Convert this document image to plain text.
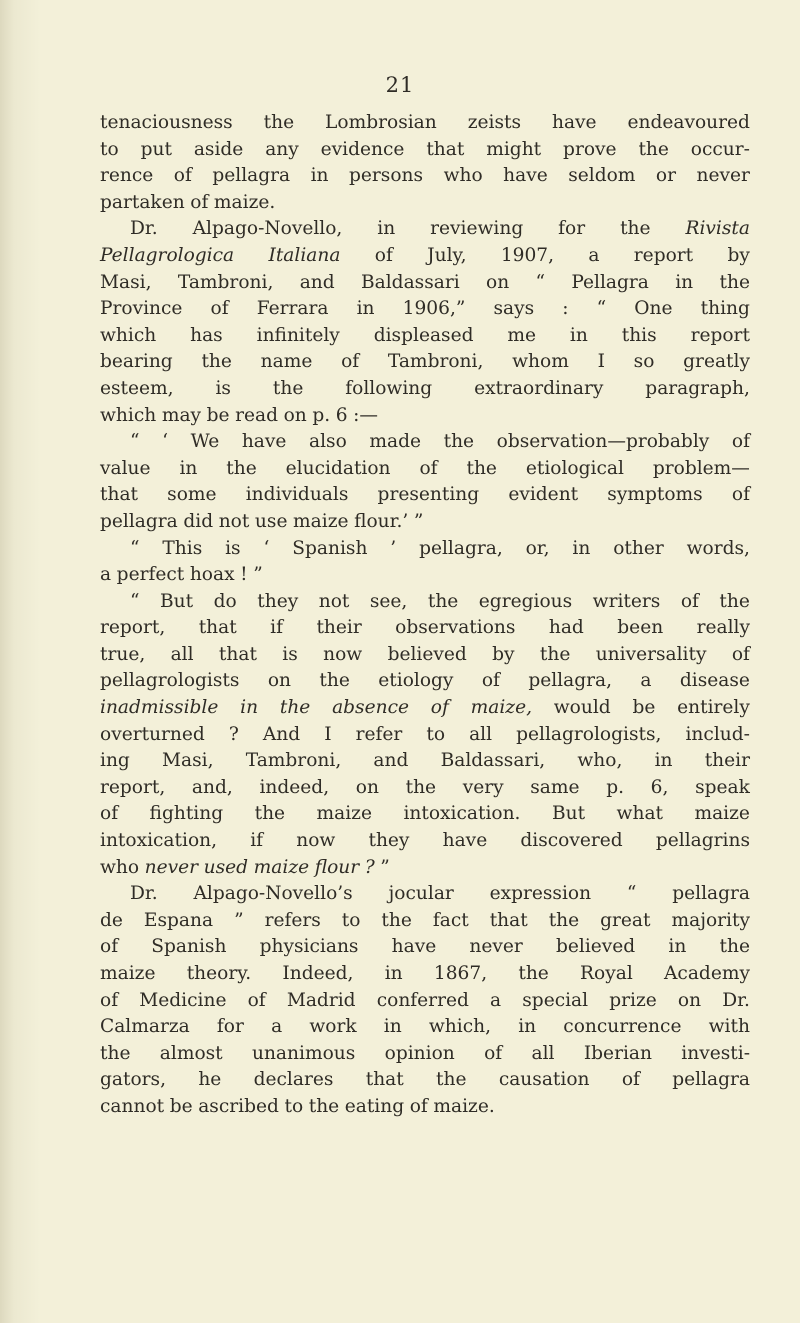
21
tenaciousness the Lombrosian zeists have endeavoured
to put aside any evidence that might prove the occur-
rence of pellagra in persons who have seldom or never
partaken of maize.
Dr. Alpago-Novello, in reviewing for the Rivista
Pellagrologica Italiana of July, 1907, a report by
Masi, Tambroni, and Baldassari on “ Pellagra in the
Province of Ferrara in 1906,” says : “ One thing
which has infinitely displeased me in this report
bearing the name of Tambroni, whom I so greatly
esteem, is the following extraordinary paragraph,
which may be read on p. 6 :—
“ ‘ We have also made the observation—probably of
value in the elucidation of the etiological problem—
that some individuals presenting evident symptoms of
pellagra did not use maize flour.’ ”
“ This is ‘ Spanish ’ pellagra, or, in other words,
a perfect hoax ! ”
“ But do they not see, the egregious writers of the
report, that if their observations had been really
true, all that is now believed by the universality of
pellagrologists on the etiology of pellagra, a disease
inadmissible in the absence of maize, would be entirely
overturned ? And I refer to all pellagrologists, includ-
ing Masi, Tambroni, and Baldassari, who, in their
report, and, indeed, on the very same p. 6, speak
of fighting the maize intoxication. But what maize
intoxication, if now they have discovered pellagrins
who never used maize flour ? ”
Dr. Alpago-Novello’s jocular expression “ pellagra
de Espana ” refers to the fact that the great majority
of Spanish physicians have never believed in the
maize theory. Indeed, in 1867, the Royal Academy
of Medicine of Madrid conferred a special prize on Dr.
Calmarza for a work in which, in concurrence with
the almost unanimous opinion of all Iberian investi-
gators, he declares that the causation of pellagra
cannot be ascribed to the eating of maize.
